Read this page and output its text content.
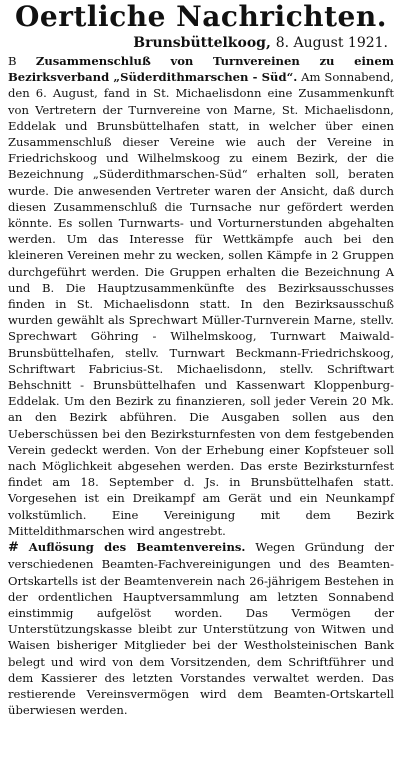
Oertliche Nachrichten.
Brunsbüttelkoog, 8. August 1921.

B Zusammenschluß von Turnvereinen zu einem Bezirksverband „Süderdithmarschen - Süd“. Am Sonnabend, den 6. August, fand in St. Michaelisdonn eine Zusammenkunft von Vertretern der Turnvereine von Marne, St. Michaelisdonn, Eddelak und Brunsbüttelhafen statt, in welcher über einen Zusammenschluß dieser Vereine wie auch der Vereine in Friedrichskoog und Wilhelmskoog zu einem Bezirk, der die Bezeichnung „Süderdithmarschen-Süd“ erhalten soll, beraten wurde. Die anwesenden Vertreter waren der Ansicht, daß durch diesen Zusammenschluß die Turnsache nur gefördert werden könnte. Es sollen Turnwarts- und Vorturnerstunden abgehalten werden. Um das Interesse für Wettkämpfe auch bei den kleineren Vereinen mehr zu wecken, sollen Kämpfe in 2 Gruppen durchgeführt werden. Die Gruppen erhalten die Bezeichnung A und B. Die Hauptzusammenkünfte des Bezirksausschusses finden in St. Michaelisdonn statt. In den Bezirksausschuß wurden gewählt als Sprechwart Müller-Turnverein Marne, stellv. Sprechwart Göhring - Wilhelmskoog, Turnwart Maiwald-Brunsbüttelhafen, stellv. Turnwart Beckmann-Friedrichskoog, Schriftwart Fabricius-St. Michaelisdonn, stellv. Schriftwart Behschnitt - Brunsbüttelhafen und Kassenwart Kloppenburg-Eddelak. Um den Bezirk zu finanzieren, soll jeder Verein 20 Mk. an den Bezirk abführen. Die Ausgaben sollen aus den Ueberschüssen bei den Bezirksturnfesten von dem festgebenden Verein gedeckt werden. Von der Erhebung einer Kopfsteuer soll nach Möglichkeit abgesehen werden. Das erste Bezirksturnfest findet am 18. September d. Js. in Brunsbüttelhafen statt. Vorgesehen ist ein Dreikampf am Gerät und ein Neunkampf volkstümlich. Eine Vereinigung mit dem Bezirk Mitteldithmarschen wird angestrebt.

# Auflösung des Beamtenvereins. Wegen Gründung der verschiedenen Beamten-Fachvereinigungen und des Beamten-Ortskartells ist der Beamtenverein nach 26-jährigem Bestehen in der ordentlichen Hauptversammlung am letzten Sonnabend einstimmig aufgelöst worden. Das Vermögen der Unterstützungskasse bleibt zur Unterstützung von Witwen und Waisen bisheriger Mitglieder bei der Westholsteinischen Bank belegt und wird von dem Vorsitzenden, dem Schriftführer und dem Kassierer des letzten Vorstandes verwaltet werden. Das restierende Vereinsvermögen wird dem Beamten-Ortskartell überwiesen werden.
